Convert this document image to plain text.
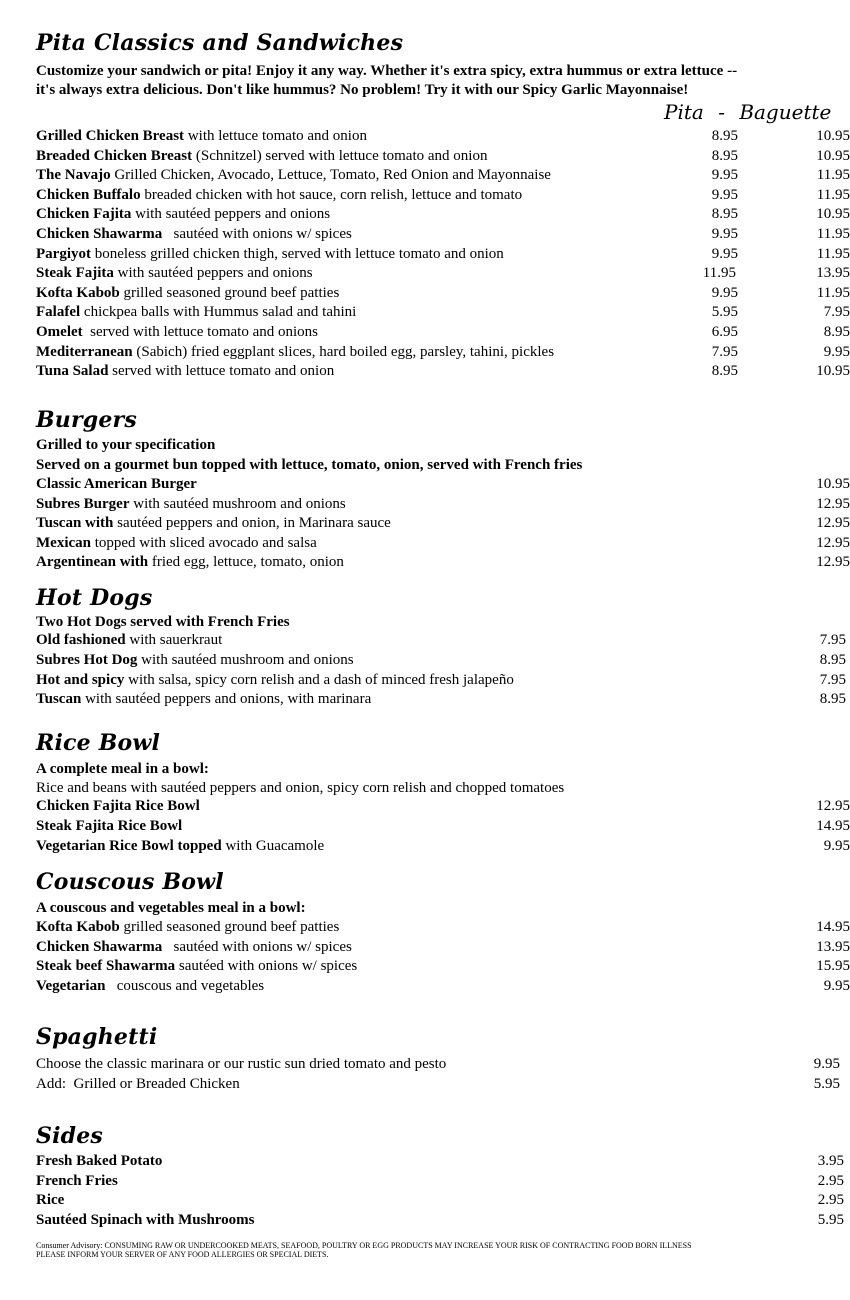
Pita Classics and Sandwiches
Customize your sandwich or pita! Enjoy it any way. Whether it's extra spicy, extra hummus or extra lettuce --
it's always extra delicious. Don't like hummus? No problem! Try it with our Spicy Garlic Mayonnaise!
Pita - Baguette
Grilled Chicken Breast with lettuce tomato and onion	8.95	10.95
Breaded Chicken Breast (Schnitzel) served with lettuce tomato and onion	8.95	10.95
The Navajo Grilled Chicken, Avocado, Lettuce, Tomato, Red Onion and Mayonnaise	9.95	11.95
Chicken Buffalo breaded chicken with hot sauce, corn relish, lettuce and tomato	9.95	11.95
Chicken Fajita with sautéed peppers and onions	8.95	10.95
Chicken Shawarma   sautéed with onions w/ spices	9.95	11.95
Pargiyot boneless grilled chicken thigh, served with lettuce tomato and onion	9.95	11.95
Steak Fajita with sautéed peppers and onions	11.95	13.95
Kofta Kabob grilled seasoned ground beef patties	9.95	11.95
Falafel chickpea balls with Hummus salad and tahini	5.95	7.95
Omelet  served with lettuce tomato and onions	6.95	8.95
Mediterranean (Sabich) fried eggplant slices, hard boiled egg, parsley, tahini, pickles	7.95	9.95
Tuna Salad served with lettuce tomato and onion	8.95	10.95
Burgers
Grilled to your specification
Served on a gourmet bun topped with lettuce, tomato, onion, served with French fries
Classic American Burger	10.95
Subres Burger with sautéed mushroom and onions	12.95
Tuscan with sautéed peppers and onion, in Marinara sauce	12.95
Mexican topped with sliced avocado and salsa	12.95
Argentinean with fried egg, lettuce, tomato, onion	12.95
Hot Dogs
Two Hot Dogs served with French Fries
Old fashioned with sauerkraut	7.95
Subres Hot Dog with sautéed mushroom and onions	8.95
Hot and spicy with salsa, spicy corn relish and a dash of minced fresh jalapeño	7.95
Tuscan with sautéed peppers and onions, with marinara	8.95
Rice Bowl
A complete meal in a bowl:
Rice and beans with sautéed peppers and onion, spicy corn relish and chopped tomatoes
Chicken Fajita Rice Bowl	12.95
Steak Fajita Rice Bowl	14.95
Vegetarian Rice Bowl topped with Guacamole	9.95
Couscous Bowl
A couscous and vegetables meal in a bowl:
Kofta Kabob grilled seasoned ground beef patties	14.95
Chicken Shawarma   sautéed with onions w/ spices	13.95
Steak beef Shawarma sautéed with onions w/ spices	15.95
Vegetarian   couscous and vegetables	9.95
Spaghetti
Choose the classic marinara or our rustic sun dried tomato and pesto	9.95
Add:  Grilled or Breaded Chicken	5.95
Sides
Fresh Baked Potato	3.95
French Fries	2.95
Rice	2.95
Sautéed Spinach with Mushrooms	5.95
Consumer Advisory: CONSUMING RAW OR UNDERCOOKED MEATS, SEAFOOD, POULTRY OR EGG PRODUCTS MAY INCREASE YOUR RISK OF CONTRACTING FOOD BORN ILLNESS
PLEASE INFORM YOUR SERVER OF ANY FOOD ALLERGIES OR SPECIAL DIETS.
